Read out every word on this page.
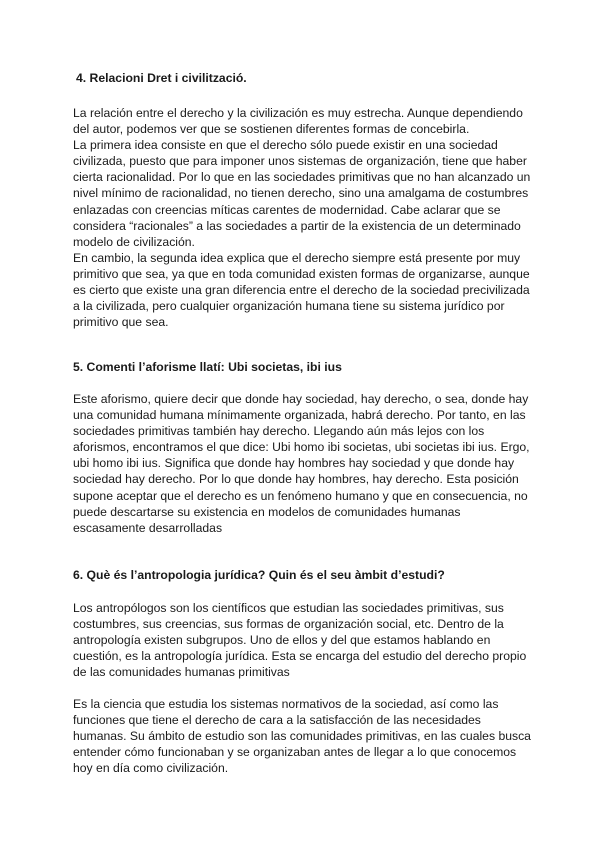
4. Relacioni Dret i civilització.

La relación entre el derecho y la civilización es muy estrecha. Aunque dependiendo
del autor, podemos ver que se sostienen diferentes formas de concebirla.
La primera idea consiste en que el derecho sólo puede existir en una sociedad
civilizada, puesto que para imponer unos sistemas de organización, tiene que haber
cierta racionalidad. Por lo que en las sociedades primitivas que no han alcanzado un
nivel mínimo de racionalidad, no tienen derecho, sino una amalgama de costumbres
enlazadas con creencias míticas carentes de modernidad. Cabe aclarar que se
considera “racionales” a las sociedades a partir de la existencia de un determinado
modelo de civilización.
En cambio, la segunda idea explica que el derecho siempre está presente por muy
primitivo que sea, ya que en toda comunidad existen formas de organizarse, aunque
es cierto que existe una gran diferencia entre el derecho de la sociedad precivilizada
a la civilizada, pero cualquier organización humana tiene su sistema jurídico por
primitivo que sea.

5. Comenti l’aforisme llatí: Ubi societas, ibi ius

Este aforismo, quiere decir que donde hay sociedad, hay derecho, o sea, donde hay
una comunidad humana mínimamente organizada, habrá derecho. Por tanto, en las
sociedades primitivas también hay derecho. Llegando aún más lejos con los
aforismos, encontramos el que dice: Ubi homo ibi societas, ubi societas ibi ius. Ergo,
ubi homo ibi ius. Significa que donde hay hombres hay sociedad y que donde hay
sociedad hay derecho. Por lo que donde hay hombres, hay derecho. Esta posición
supone aceptar que el derecho es un fenómeno humano y que en consecuencia, no
puede descartarse su existencia en modelos de comunidades humanas
escasamente desarrolladas

6. Què és l’antropologia jurídica? Quin és el seu àmbit d’estudi?

Los antropólogos son los científicos que estudian las sociedades primitivas, sus
costumbres, sus creencias, sus formas de organización social, etc. Dentro de la
antropología existen subgrupos. Uno de ellos y del que estamos hablando en
cuestión, es la antropología jurídica. Esta se encarga del estudio del derecho propio
de las comunidades humanas primitivas

Es la ciencia que estudia los sistemas normativos de la sociedad, así como las
funciones que tiene el derecho de cara a la satisfacción de las necesidades
humanas. Su ámbito de estudio son las comunidades primitivas, en las cuales busca
entender cómo funcionaban y se organizaban antes de llegar a lo que conocemos
hoy en día como civilización.
